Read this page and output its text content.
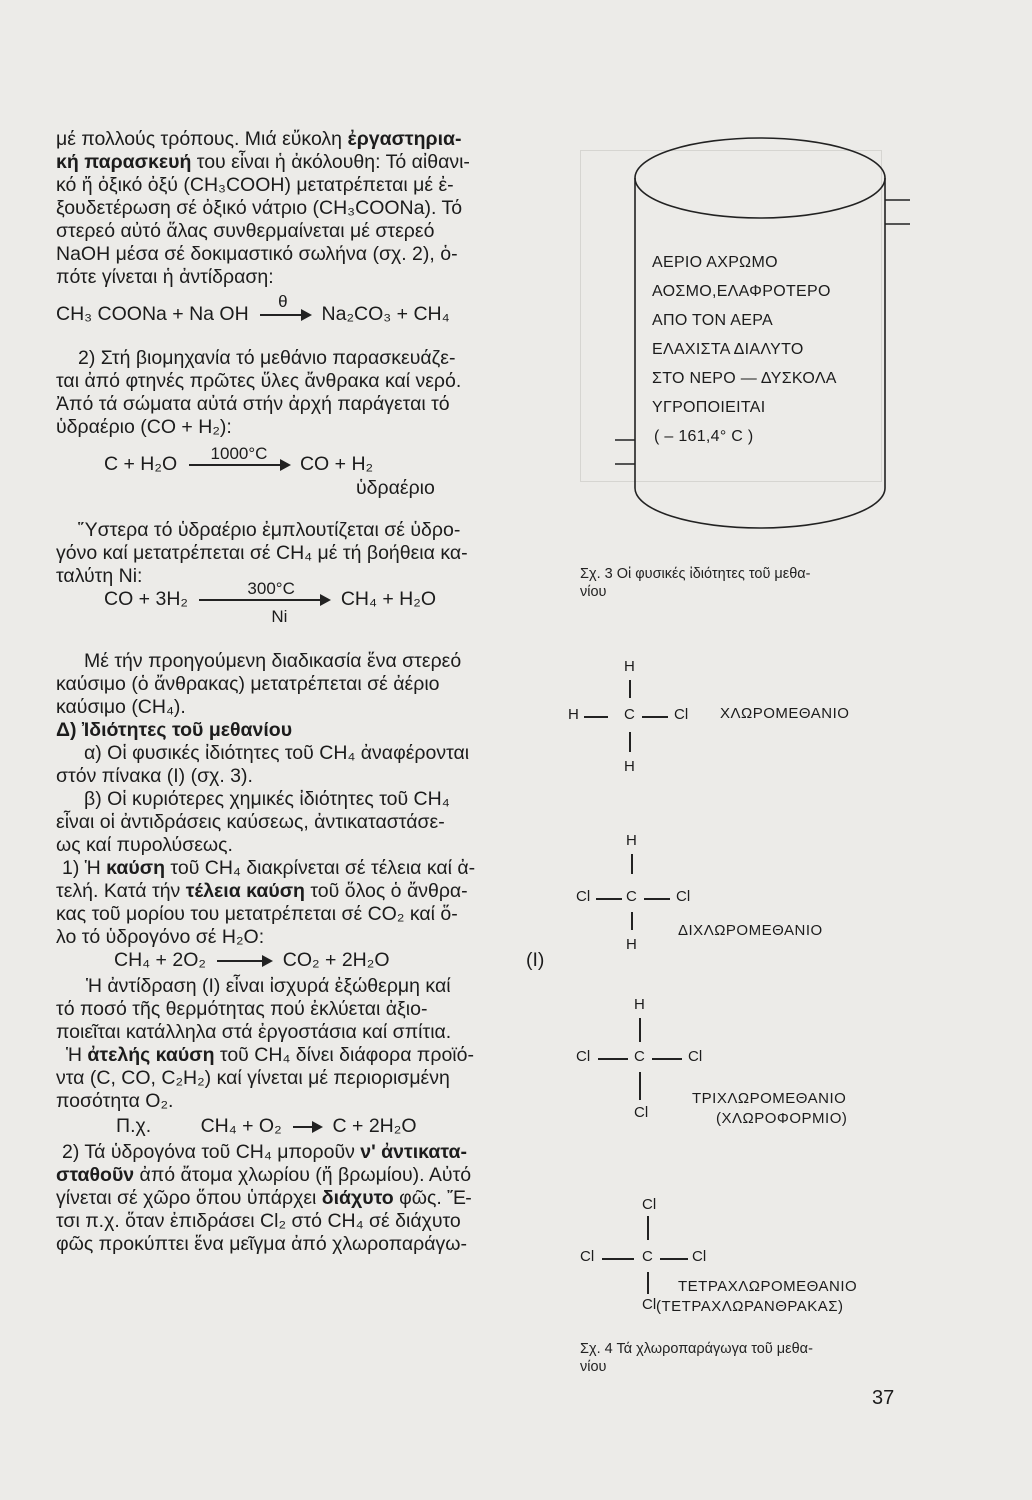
μέ πολλούς τρόπους. Μιά εὔκολη ἐργαστηρια-

κή παρασκευή του εἶναι ἡ ἀκόλουθη: Τό αἰθανι-

κό ἤ ὀξικό ὀξύ (CH₃COOH) μετατρέπεται μέ ἐ-

ξουδετέρωση σέ ὀξικό νάτριο (CH₃COONa). Τό

στερεό αὐτό ἅλας συνθερμαίνεται μέ στερεό

NaOH μέσα σέ δοκιμαστικό σωλήνα (σχ. 2), ὁ-

πότε γίνεται ἡ ἀντίδραση:

CH₃ COONa + Na OH
θ
Na₂CO₃ + CH₄

2) Στή βιομηχανία τό μεθάνιο παρασκευάζε-

ται ἀπό φτηνές πρῶτες ὕλες ἄνθρακα καί νερό.

Ἀπό τά σώματα αὐτά στήν ἀρχή παράγεται τό

ὑδραέριο (CO + H₂):

C + H₂O 1000°C CO + H₂
ὑδραέριο

Ὕστερα τό ὑδραέριο ἐμπλουτίζεται σέ ὑδρο-

γόνο καί μετατρέπεται σέ CH₄ μέ τή βοήθεια κα-

ταλύτη Ni:

CO + 3H₂	300°C
Ni
CH₄ + H₂O

Μέ τήν προηγούμενη διαδικασία ἕνα στερεό

καύσιμο (ὁ ἄνθρακας) μετατρέπεται σέ ἀέριο

καύσιμο (CH₄).

Δ) Ἰδιότητες τοῦ μεθανίου

α) Οἱ φυσικές ἰδιότητες τοῦ CH₄ ἀναφέρονται

στόν πίνακα (Ι) (σχ. 3).

β) Οἱ κυριότερες χημικές ἰδιότητες τοῦ CH₄

εἶναι οἱ ἀντιδράσεις καύσεως, ἀντικαταστάσε-

ως καί πυρολύσεως.

1) Ἡ καύση τοῦ CH₄ διακρίνεται σέ τέλεια καί ἀ-

τελή. Κατά τήν τέλεια καύση τοῦ ὅλος ὁ ἄνθρα-

κας τοῦ μορίου του μετατρέπεται σέ CO₂ καί ὅ-

λο τό ὑδρογόνο σέ H₂O:

CH₄ + 2O₂ → CO₂ + 2H₂O	(Ι)

Ἡ ἀντίδραση (Ι) εἶναι ἰσχυρά ἐξώθερμη καί

τό ποσό τῆς θερμότητας πού ἐκλύεται ἀξιο-

ποιεῖται κατάλληλα στά ἐργοστάσια καί σπίτια.

Ἡ ἀτελής καύση τοῦ CH₄ δίνει διάφορα προϊό-

ντα (C, CO, C₂H₂) καί γίνεται μέ περιορισμένη

ποσότητα O₂.

Π.χ.	CH₄ + O₂ → C + 2H₂O

2) Τά ὑδρογόνα τοῦ CH₄ μποροῦν ν' ἀντικατα-

σταθοῦν ἀπό ἄτομα χλωρίου (ἤ βρωμίου). Αὐτό

γίνεται σέ χῶρο ὅπου ὑπάρχει διάχυτο φῶς. Ἔ-

τσι π.χ. ὅταν ἐπιδράσει Cl₂ στό CH₄ σέ διάχυτο

φῶς προκύπτει ἕνα μεῖγμα ἀπό χλωροπαράγω-

ΑΕΡΙΟ ΑΧΡΩΜΟ
ΑΟΣΜΟ,ΕΛΑΦΡΟΤΕΡΟ
ΑΠΟ ΤΟΝ ΑΕΡΑ
ΕΛΑΧΙΣΤΑ ΔΙΑΛΥΤΟ
ΣΤΟ ΝΕΡΟ — ΔΥΣΚΟΛΑ
ΥΓΡΟΠΟΙΕΙΤΑΙ
( – 161,4° C )
Σχ. 3 Οἱ φυσικές ἰδιότητες τοῦ μεθα-
νίου
H
H	C	Cl
H
ΧΛΩΡΟΜΕΘΑΝΙΟ
H
Cl C	Cl
H
ΔΙΧΛΩΡΟΜΕΘΑΝΙΟ
H
Cl	C	Cl
Cl
ΤΡΙΧΛΩΡΟΜΕΘΑΝΙΟ
(ΧΛΩΡΟΦΟΡΜΙΟ)
Cl
Cl	C	Cl
Cl
ΤΕΤΡΑΧΛΩΡΟΜΕΘΑΝΙΟ
(ΤΕΤΡΑΧΛΩΡΑΝΘΡΑΚΑΣ)
Σχ. 4 Τά χλωροπαράγωγα τοῦ μεθα-
νίου
37
